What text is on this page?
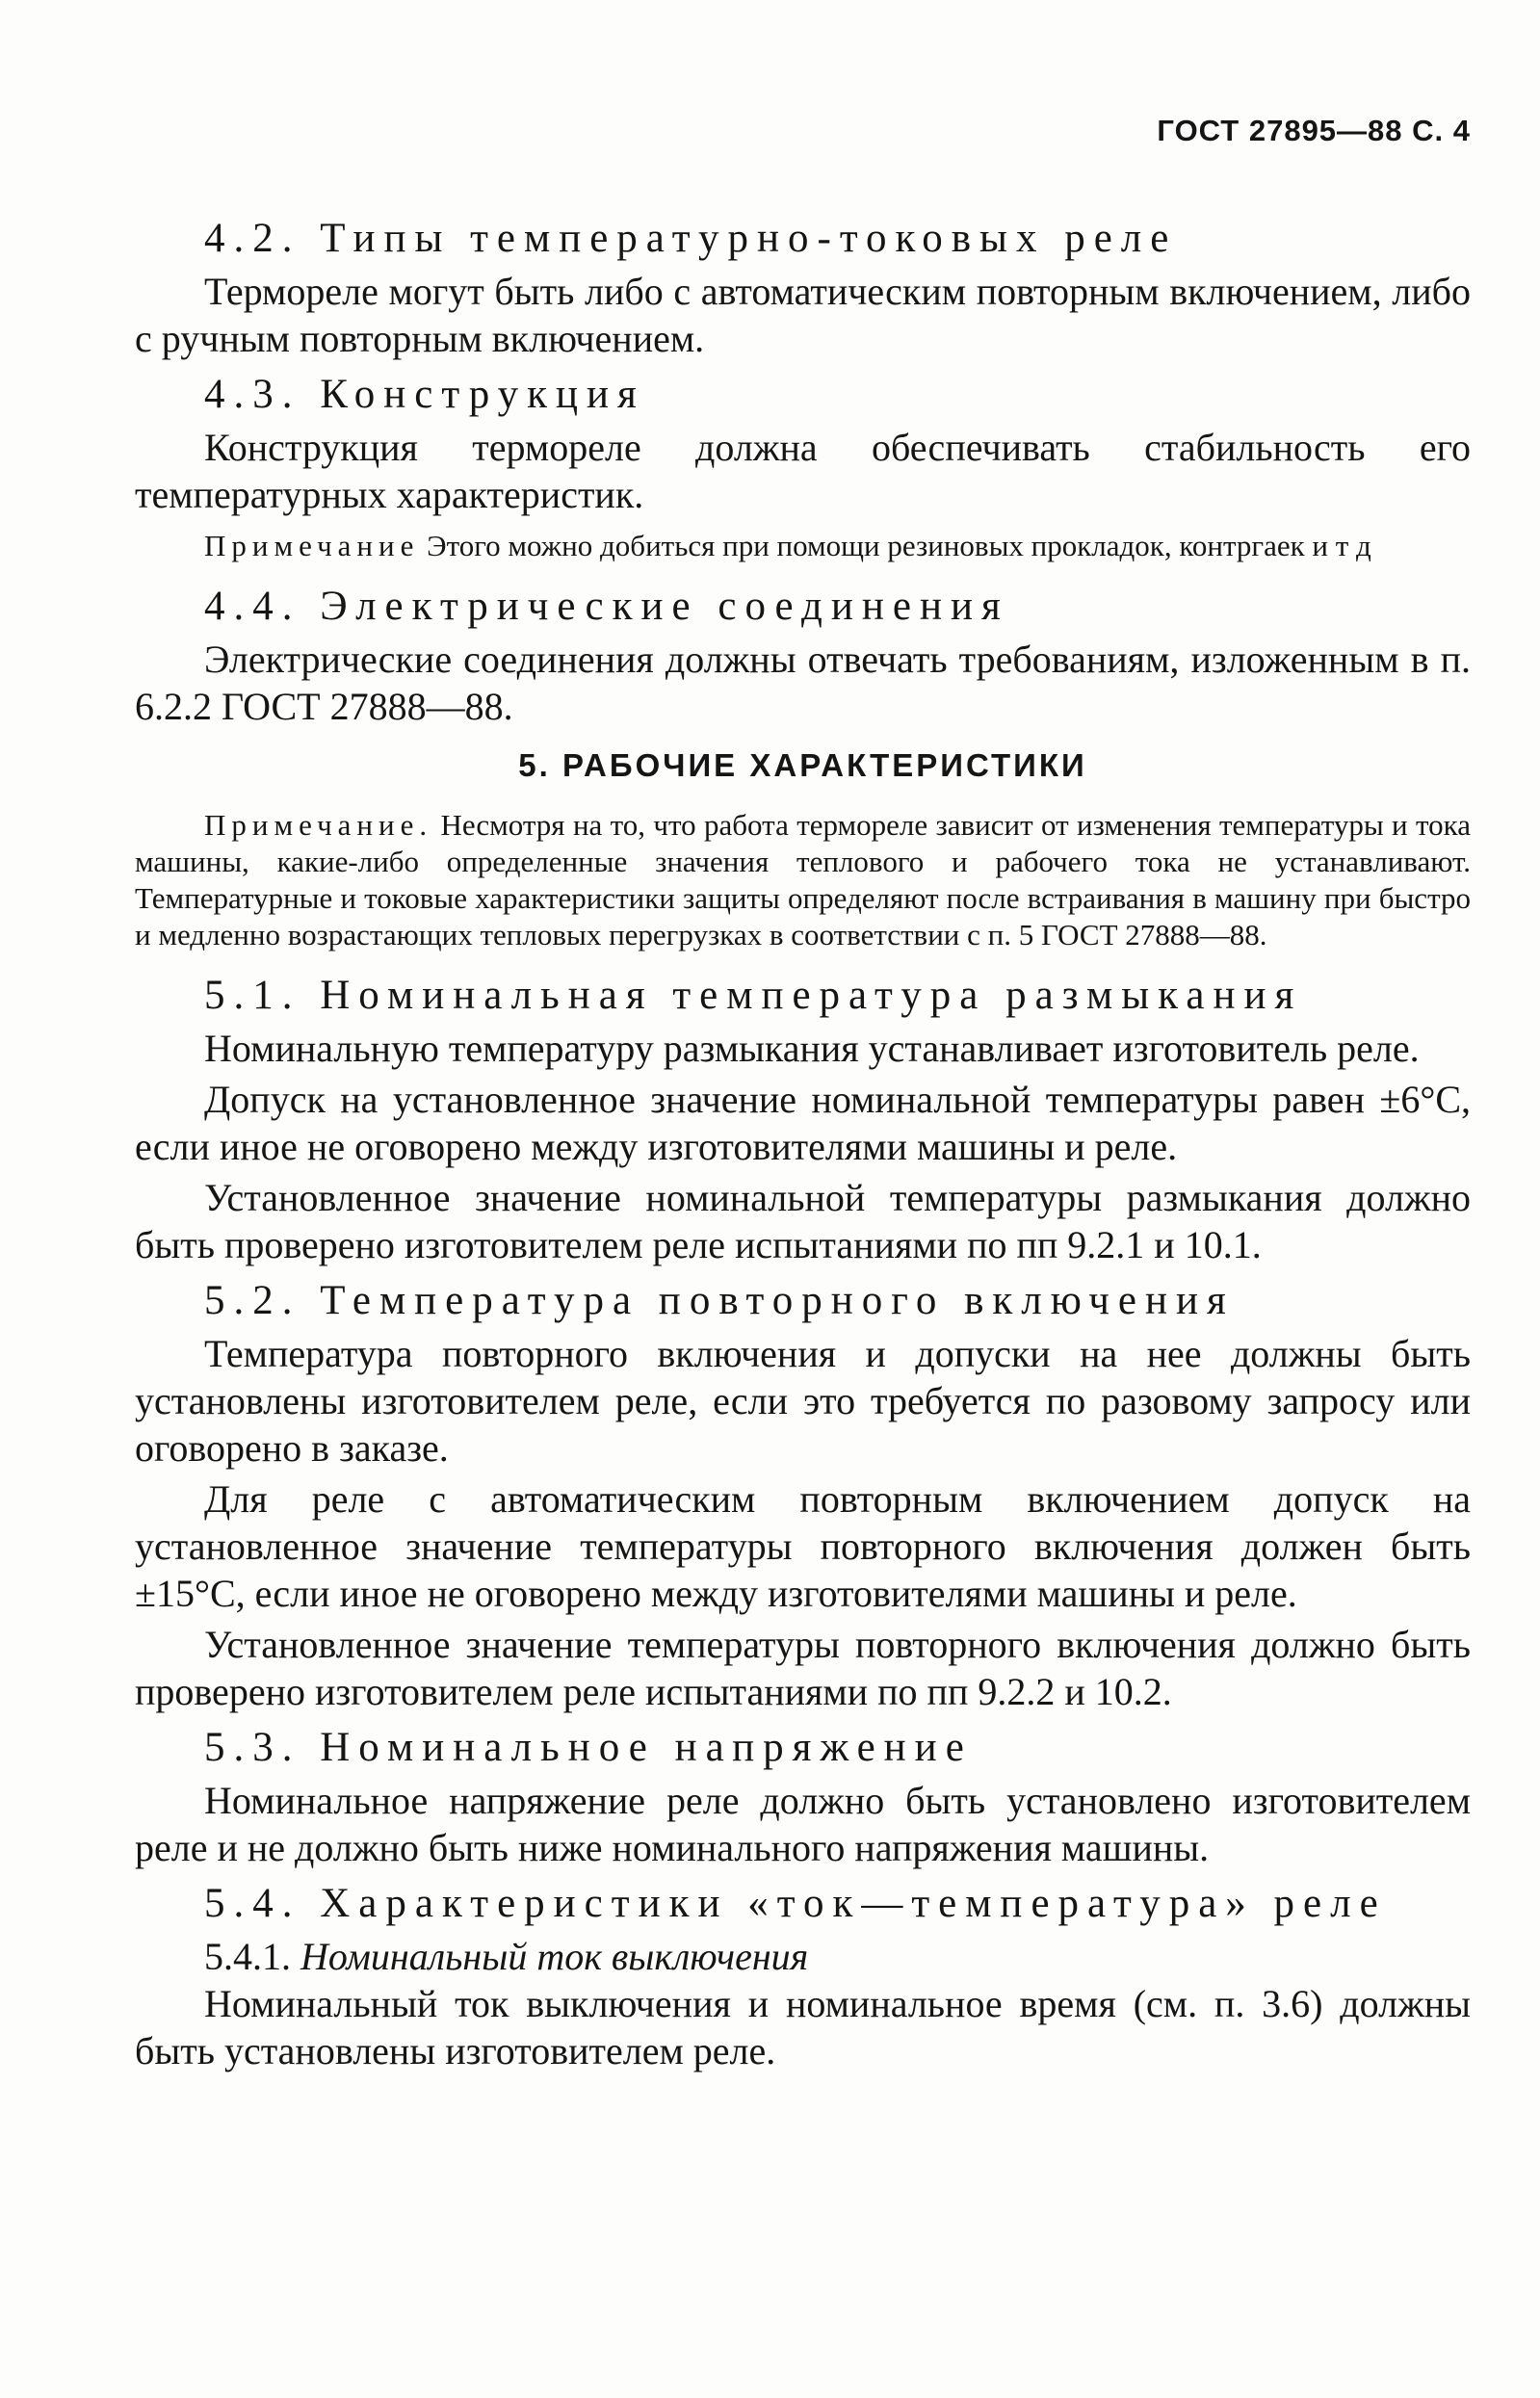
ГОСТ 27895—88 С. 4

4.2. Типы температурно-токовых реле

Термореле могут быть либо с автоматическим повторным включением, либо с ручным повторным включением.

4.3. Конструкция

Конструкция термореле должна обеспечивать стабильность его температурных характеристик.

Примечание Этого можно добиться при помощи резиновых прокладок, контргаек и т д

4.4. Электрические соединения

Электрические соединения должны отвечать требованиям, изложенным в п. 6.2.2 ГОСТ 27888—88.

5. РАБОЧИЕ ХАРАКТЕРИСТИКИ

Примечание. Несмотря на то, что работа термореле зависит от изменения температуры и тока машины, какие-либо определенные значения теплового и рабочего тока не устанавливают. Температурные и токовые характеристики защиты определяют после встраивания в машину при быстро и медленно возрастающих тепловых перегрузках в соответствии с п. 5 ГОСТ 27888—88.

5.1. Номинальная температура размыкания

Номинальную температуру размыкания устанавливает изготовитель реле.

Допуск на установленное значение номинальной температуры равен ±6°С, если иное не оговорено между изготовителями машины и реле.

Установленное значение номинальной температуры размыкания должно быть проверено изготовителем реле испытаниями по пп 9.2.1 и 10.1.

5.2. Температура повторного включения

Температура повторного включения и допуски на нее должны быть установлены изготовителем реле, если это требуется по разовому запросу или оговорено в заказе.

Для реле с автоматическим повторным включением допуск на установленное значение температуры повторного включения должен быть ±15°С, если иное не оговорено между изготовителями машины и реле.

Установленное значение температуры повторного включения должно быть проверено изготовителем реле испытаниями по пп 9.2.2 и 10.2.

5.3. Номинальное напряжение

Номинальное напряжение реле должно быть установлено изготовителем реле и не должно быть ниже номинального напряжения машины.

5.4. Характеристики «ток—температура» реле

5.4.1. Номинальный ток выключения

Номинальный ток выключения и номинальное время (см. п. 3.6) должны быть установлены изготовителем реле.
